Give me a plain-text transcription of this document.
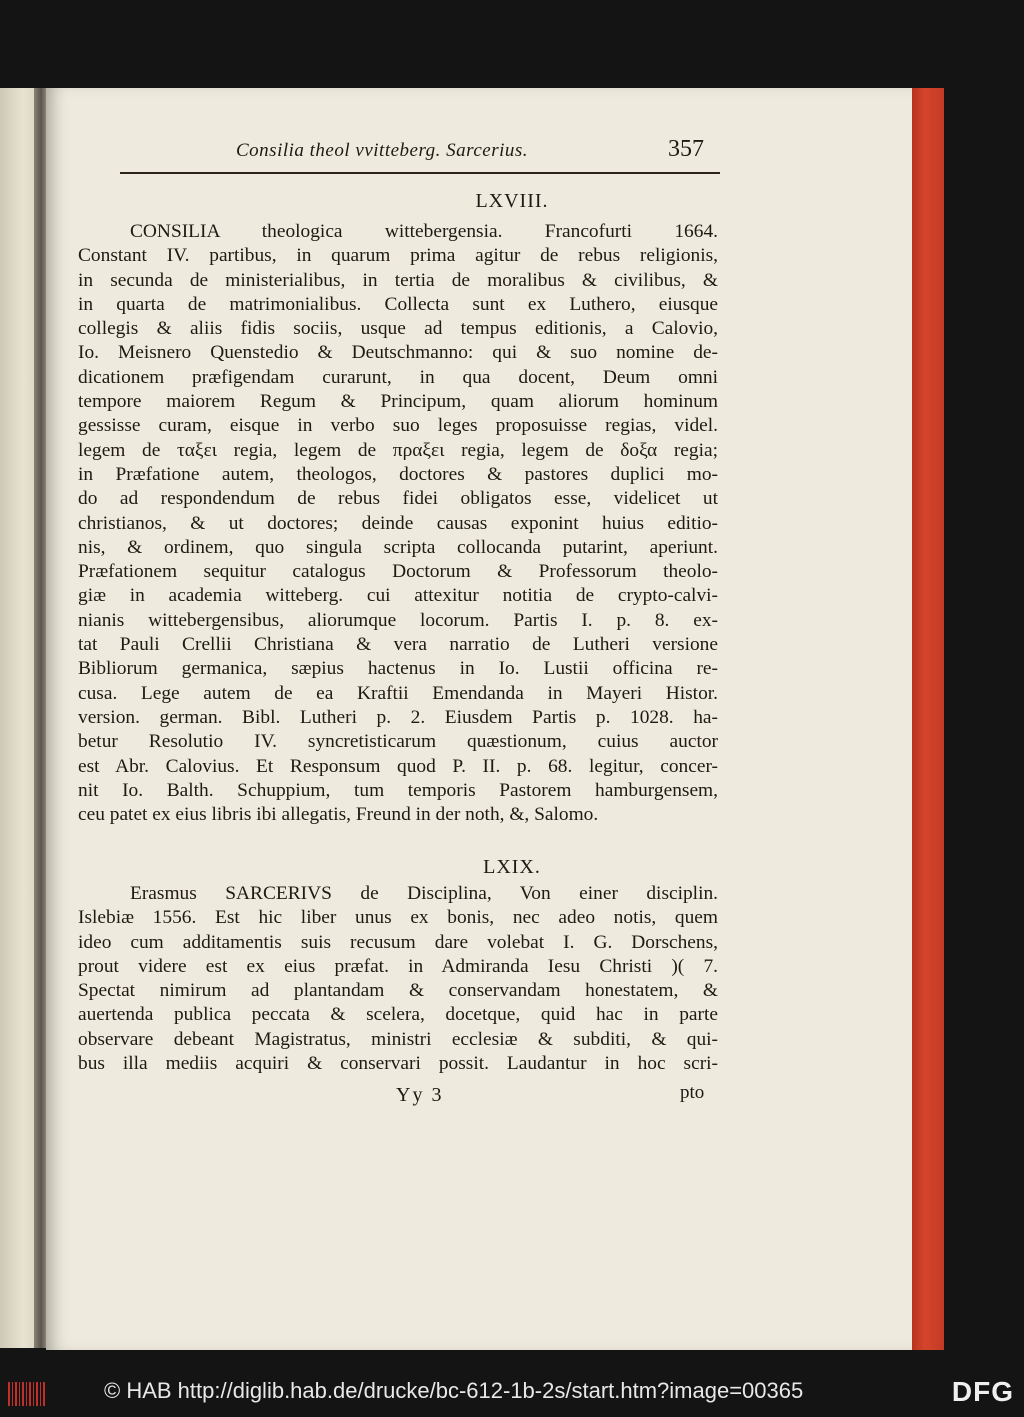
Consilia theol vvitteberg. Sarcerius.	357
LXVIII.
CONSILIA theologica wittebergensia. Francofurti 1664.
Constant IV. partibus, in quarum prima agitur de rebus religionis,
in secunda de ministerialibus, in tertia de moralibus & civilibus, &
in quarta de matrimonialibus. Collecta sunt ex Luthero, eiusque
collegis & aliis fidis sociis, usque ad tempus editionis, a Calovio,
Io. Meisnero Quenstedio & Deutschmanno: qui & suo nomine de-
dicationem præfigendam curarunt, in qua docent, Deum omni
tempore maiorem Regum & Principum, quam aliorum hominum
gessisse curam, eisque in verbo suo leges proposuisse regias, videl.
legem de ταξει regia, legem de πραξει regia, legem de δοξα regia;
in Præfatione autem, theologos, doctores & pastores duplici mo-
do ad respondendum de rebus fidei obligatos esse, videlicet ut
christianos, & ut doctores; deinde causas exponint huius editio-
nis, & ordinem, quo singula scripta collocanda putarint, aperiunt.
Præfationem sequitur catalogus Doctorum & Professorum theolo-
giæ in academia witteberg. cui attexitur notitia de crypto-calvi-
nianis wittebergensibus, aliorumque locorum. Partis I. p. 8. ex-
tat Pauli Crellii Christiana & vera narratio de Lutheri versione
Bibliorum germanica, sæpius hactenus in Io. Lustii officina re-
cusa. Lege autem de ea Kraftii Emendanda in Mayeri Histor.
version. german. Bibl. Lutheri p. 2. Eiusdem Partis p. 1028. ha-
betur Resolutio IV. syncretisticarum quæstionum, cuius auctor
est Abr. Calovius. Et Responsum quod P. II. p. 68. legitur, concer-
nit Io. Balth. Schuppium, tum temporis Pastorem hamburgensem,
ceu patet ex eius libris ibi allegatis, Freund in der noth, &, Salomo.
LXIX.
Erasmus SARCERIVS de Disciplina, Von einer disciplin.
Islebiæ 1556. Est hic liber unus ex bonis, nec adeo notis, quem
ideo cum additamentis suis recusum dare volebat I. G. Dorschens,
prout videre est ex eius præfat. in Admiranda Iesu Christi )( 7.
Spectat nimirum ad plantandam & conservandam honestatem, &
auertenda publica peccata & scelera, docetque, quid hac in parte
observare debeant Magistratus, ministri ecclesiæ & subditi, & qui-
bus illa mediis acquiri & conservari possit. Laudantur in hoc scri-
Yy 3	pto
© HAB http://diglib.hab.de/drucke/bc-612-1b-2s/start.htm?image=00365	DFG
